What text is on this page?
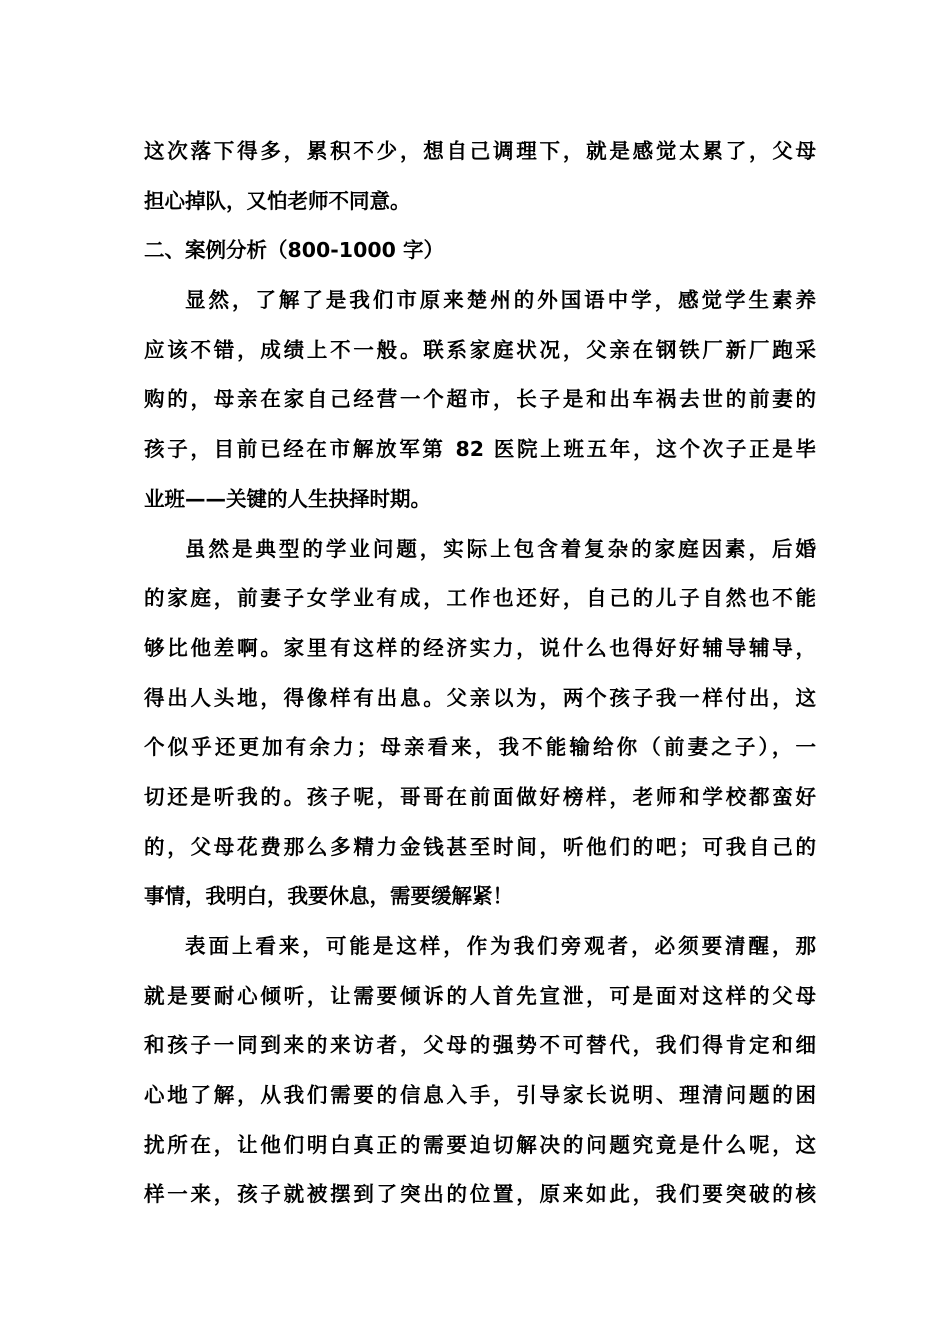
这次落下得多，累积不少，想自己调理下，就是感觉太累了，父母
担心掉队，又怕老师不同意。
二、案例分析（800-1000 字）
显然，了解了是我们市原来楚州的外国语中学，感觉学生素养
应该不错，成绩上不一般。联系家庭状况，父亲在钢铁厂新厂跑采
购的，母亲在家自己经营一个超市，长子是和出车祸去世的前妻的
孩子，目前已经在市解放军第 82 医院上班五年，这个次子正是毕
业班——关键的人生抉择时期。
虽然是典型的学业问题，实际上包含着复杂的家庭因素，后婚
的家庭，前妻子女学业有成，工作也还好，自己的儿子自然也不能
够比他差啊。家里有这样的经济实力，说什么也得好好辅导辅导，
得出人头地，得像样有出息。父亲以为，两个孩子我一样付出，这
个似乎还更加有余力；母亲看来，我不能输给你（前妻之子），一
切还是听我的。孩子呢，哥哥在前面做好榜样，老师和学校都蛮好
的，父母花费那么多精力金钱甚至时间，听他们的吧；可我自己的
事情，我明白，我要休息，需要缓解紧！
表面上看来，可能是这样，作为我们旁观者，必须要清醒，那
就是要耐心倾听，让需要倾诉的人首先宣泄，可是面对这样的父母
和孩子一同到来的来访者，父母的强势不可替代，我们得肯定和细
心地了解，从我们需要的信息入手，引导家长说明、理清问题的困
扰所在，让他们明白真正的需要迫切解决的问题究竟是什么呢，这
样一来，孩子就被摆到了突出的位置，原来如此，我们要突破的核
